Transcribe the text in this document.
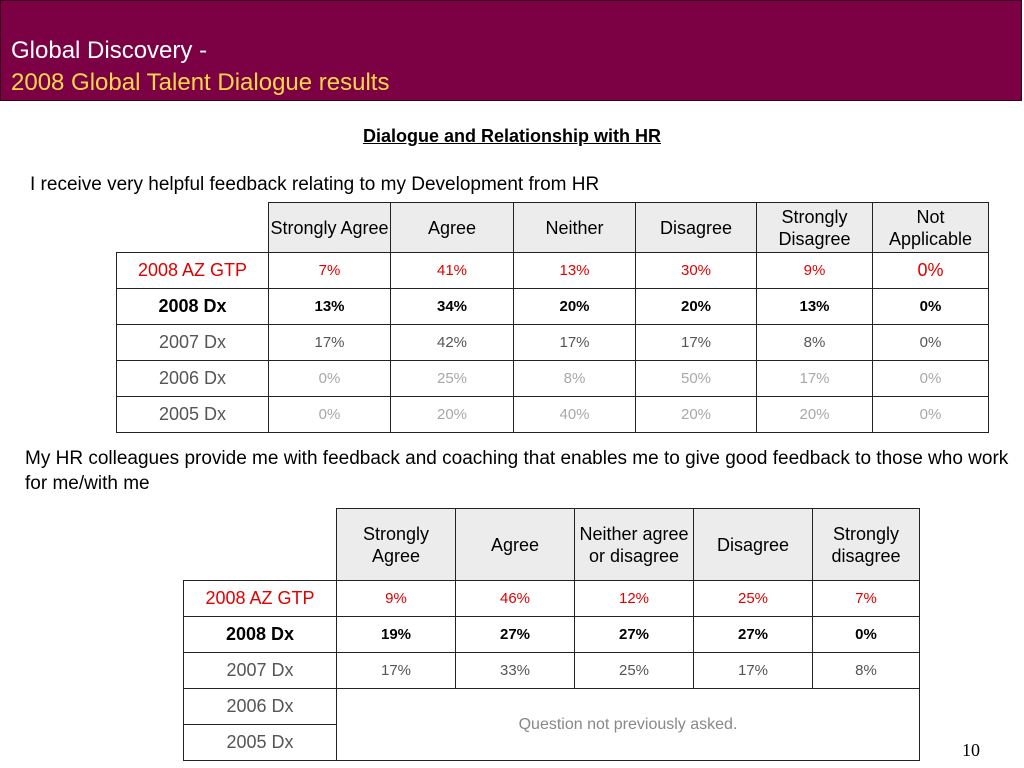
Global Discovery -
2008 Global Talent Dialogue results
Dialogue and Relationship with HR
I receive very helpful feedback relating to my Development from HR
	Strongly Agree	Agree	Neither	Disagree	Strongly Disagree	Not Applicable
2008 AZ GTP	7%	41%	13%	30%	9%	0%
2008 Dx	13%	34%	20%	20%	13%	0%
2007 Dx	17%	42%	17%	17%	8%	0%
2006 Dx	0%	25%	8%	50%	17%	0%
2005 Dx	0%	20%	40%	20%	20%	0%
My HR colleagues provide me with feedback and coaching that enables me to give good feedback to those who work for me/with me
	Strongly Agree	Agree	Neither agree or disagree	Disagree	Strongly disagree
2008 AZ GTP	9%	46%	12%	25%	7%
2008 Dx	19%	27%	27%	27%	0%
2007 Dx	17%	33%	25%	17%	8%
2006 Dx	Question not previously asked.				
2005 Dx						10
